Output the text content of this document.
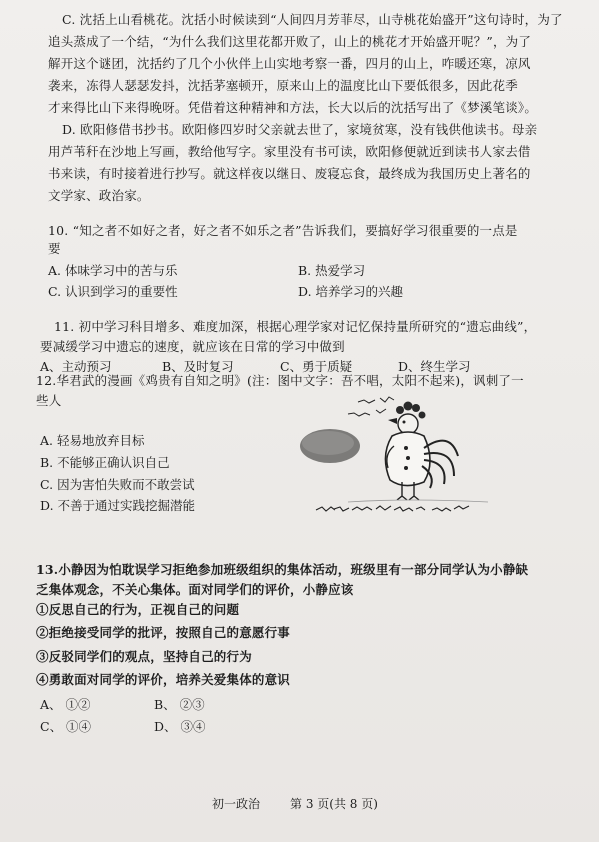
C. 沈括上山看桃花。沈括小时候读到“人间四月芳菲尽，山寺桃花始盛开”这句诗时，为了
追头蒸成了一个结，“为什么我们这里花都开败了，山上的桃花才开始盛开呢？”，为了
解开这个谜团，沈括约了几个小伙伴上山实地考察一番，四月的山上，咋暖还寒，凉风
袭来，冻得人瑟瑟发抖，沈括茅塞顿开，原来山上的温度比山下要低很多，因此花季
才来得比山下来得晚呀。凭借着这种精神和方法，长大以后的沈括写出了《梦溪笔谈》。
D. 欧阳修借书抄书。欧阳修四岁时父亲就去世了，家境贫寒，没有钱供他读书。母亲
用芦苇秆在沙地上写画，教给他写字。家里没有书可读，欧阳修便就近到读书人家去借
书来读，有时接着进行抄写。就这样夜以继日、废寝忘食，最终成为我国历史上著名的
文学家、政治家。
10. “知之者不如好之者，好之者不如乐之者”告诉我们，要搞好学习很重要的一点是
要
A. 体味学习中的苦与乐	B. 热爱学习
C. 认识到学习的重要性	D. 培养学习的兴趣
11. 初中学习科目增多、难度加深，根据心理学家对记忆保持量所研究的“遗忘曲线”，
要减缓学习中遗忘的速度，就应该在日常的学习中做到
A、主动预习	B、及时复习	C、勇于质疑	D、终生学习
12.华君武的漫画《鸡贵有自知之明》(注：图中文字：吾不唱，太阳不起来)，讽刺了一
些人
A. 轻易地放弃目标
B. 不能够正确认识自己
C. 因为害怕失败而不敢尝试
D. 不善于通过实践挖掘潜能
13.小静因为怕耽误学习拒绝参加班级组织的集体活动，班级里有一部分同学认为小静缺
乏集体观念，不关心集体。面对同学们的评价，小静应该
①反思自己的行为，正视自己的问题
②拒绝接受同学的批评，按照自己的意愿行事
③反驳同学们的观点，坚持自己的行为
④勇敢面对同学的评价，培养关爱集体的意识
A、 ①②	B、 ②③
C、 ①④	D、 ③④
初一政治 第 3 页(共 8 页)
